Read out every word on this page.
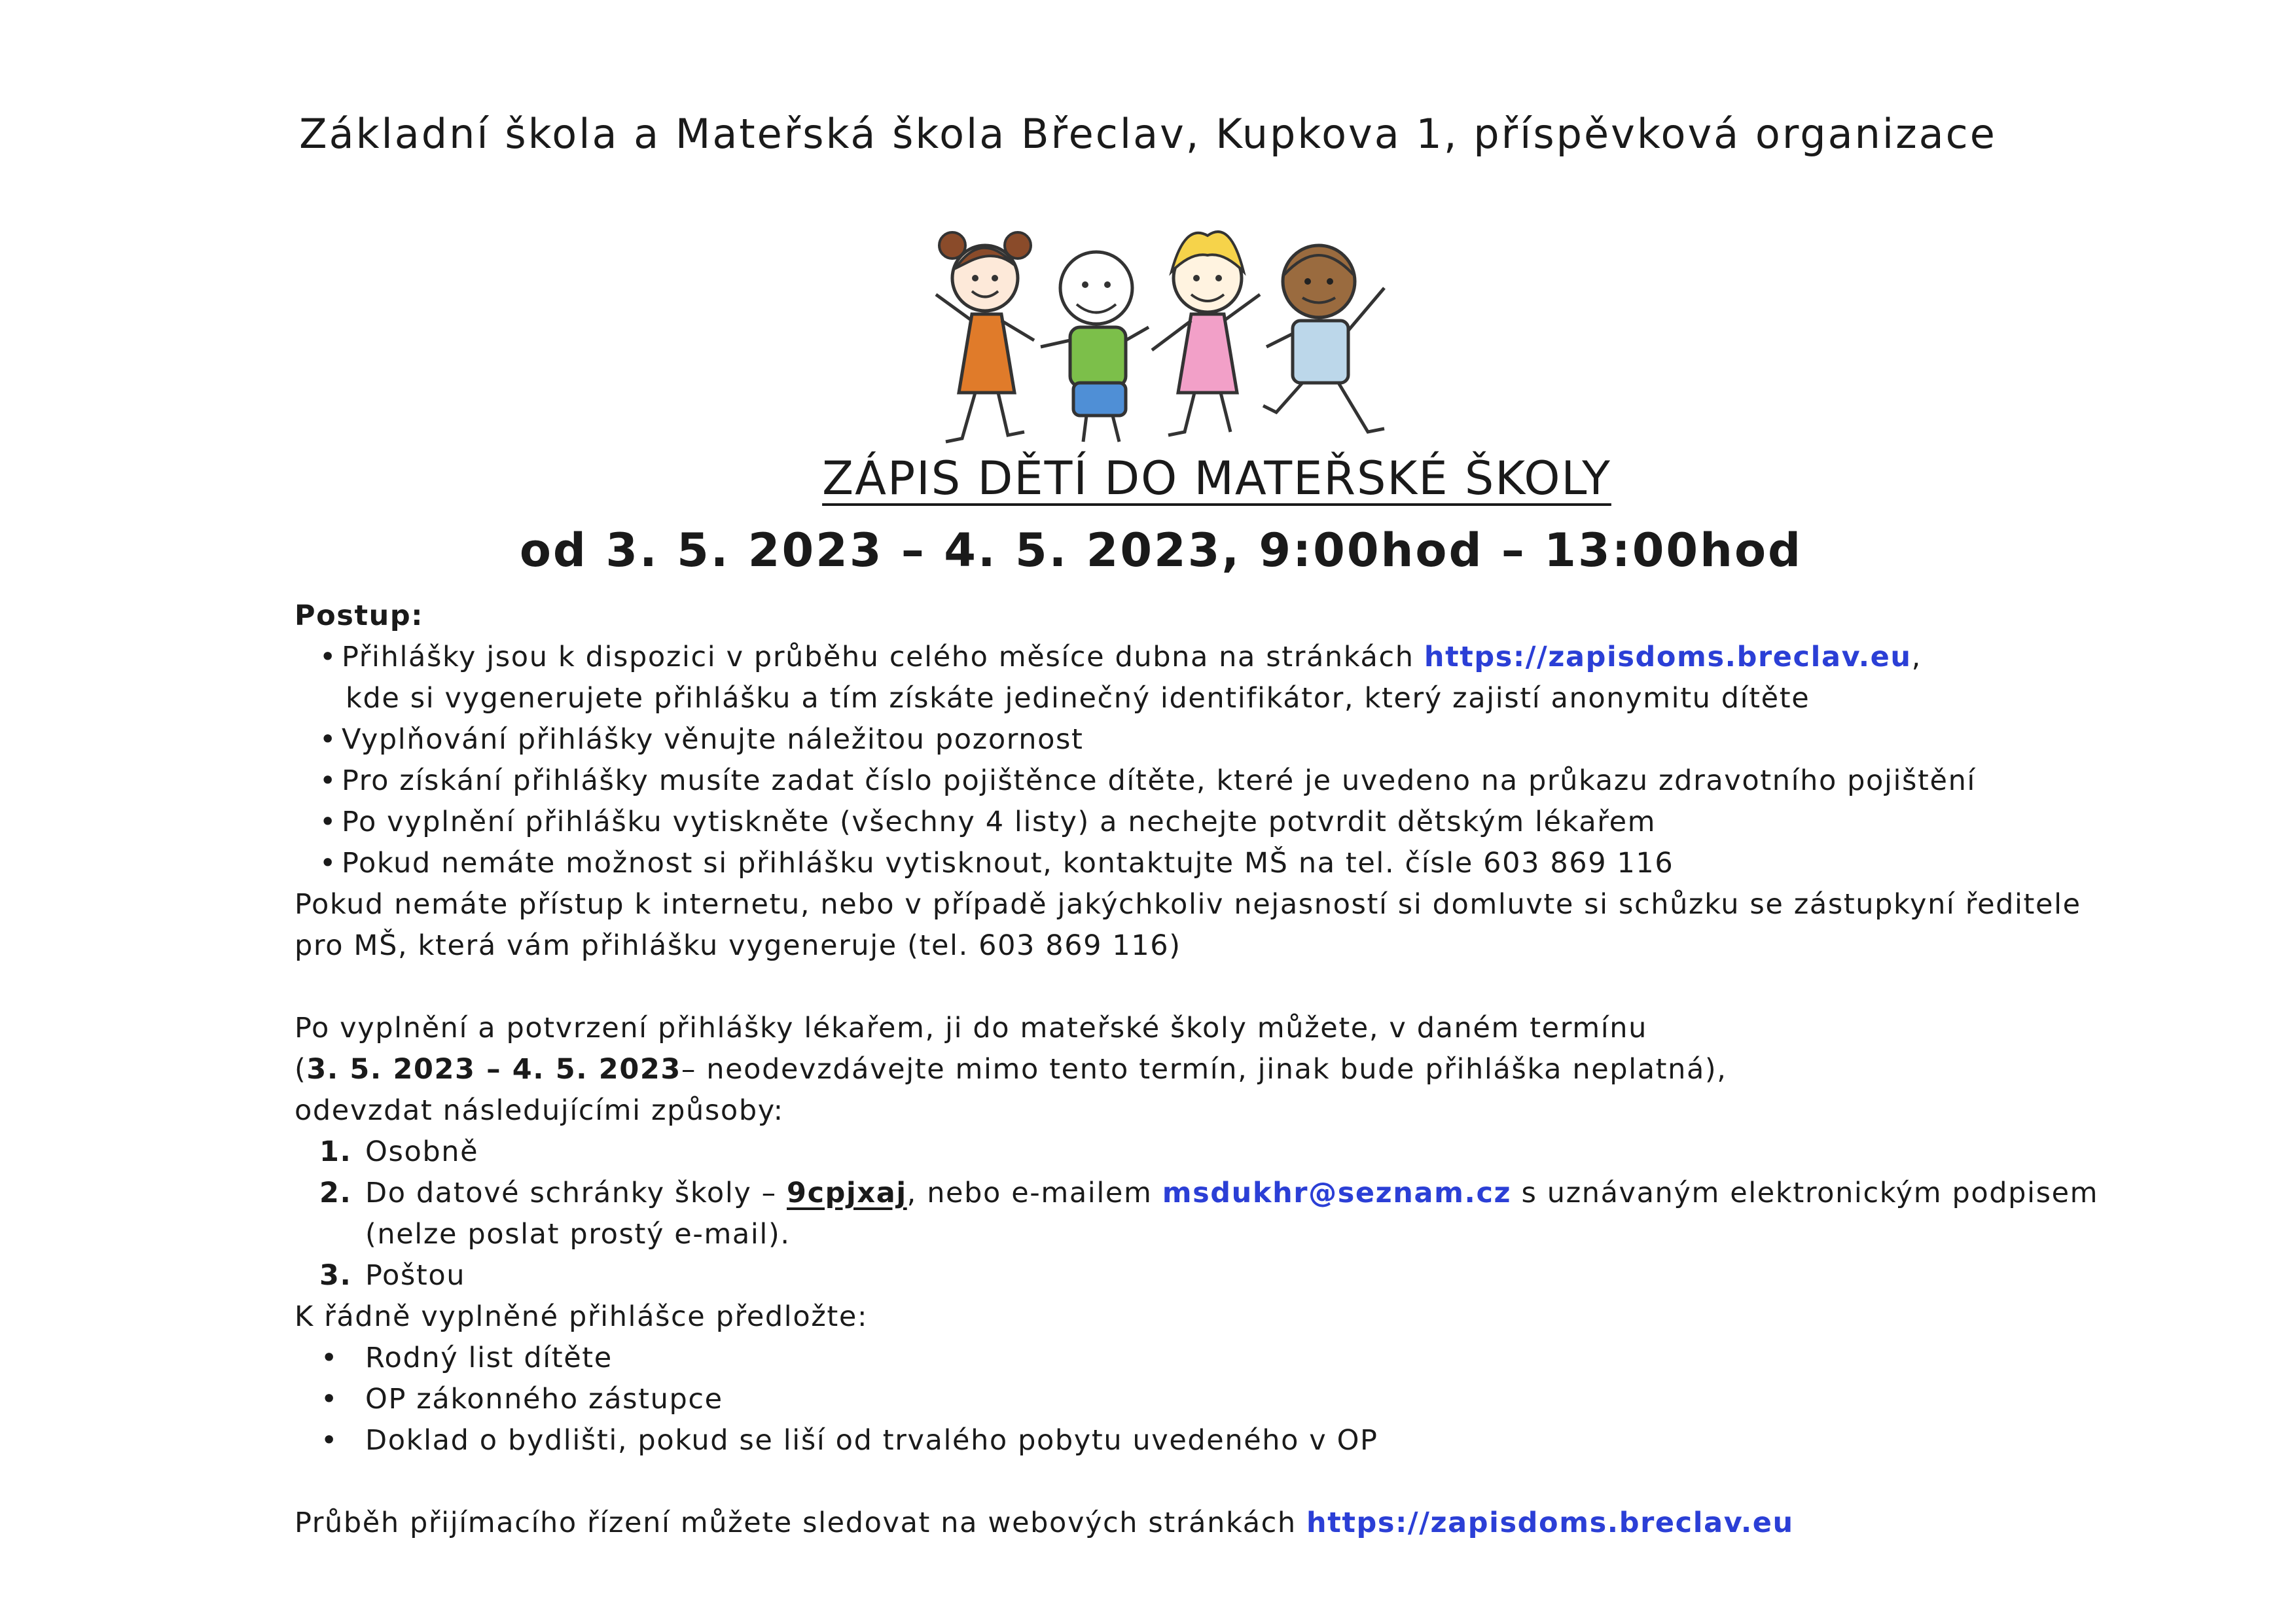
Základní škola a Mateřská škola Břeclav, Kupkova 1, příspěvková organizace
ZÁPIS DĚTÍ DO MATEŘSKÉ ŠKOLY
od 3. 5. 2023 – 4. 5. 2023, 9:00hod – 13:00hod
Postup:
• Přihlášky jsou k dispozici v průběhu celého měsíce dubna na stránkách https://zapisdoms.breclav.eu,
kde si vygenerujete přihlášku a tím získáte jedinečný identifikátor, který zajistí anonymitu dítěte
• Vyplňování přihlášky věnujte náležitou pozornost
• Pro získání přihlášky musíte zadat číslo pojištěnce dítěte, které je uvedeno na průkazu zdravotního pojištění
• Po vyplnění přihlášku vytiskněte (všechny 4 listy) a nechejte potvrdit dětským lékařem
• Pokud nemáte možnost si přihlášku vytisknout, kontaktujte MŠ na tel. čísle 603 869 116
Pokud nemáte přístup k internetu, nebo v případě jakýchkoliv nejasností si domluvte si schůzku se zástupkyní ředitele
pro MŠ, která vám přihlášku vygeneruje (tel. 603 869 116)
Po vyplnění a potvrzení přihlášky lékařem, ji do mateřské školy můžete, v daném termínu
(3. 5. 2023 – 4. 5. 2023– neodevzdávejte mimo tento termín, jinak bude přihláška neplatná),
odevzdat následujícími způsoby:
1. Osobně
2. Do datové schránky školy – 9cpjxaj, nebo e-mailem msdukhr@seznam.cz s uznávaným elektronickým podpisem
(nelze poslat prostý e-mail).
3. Poštou
K řádně vyplněné přihlášce předložte:
• Rodný list dítěte
• OP zákonného zástupce
• Doklad o bydlišti, pokud se liší od trvalého pobytu uvedeného v OP
Průběh přijímacího řízení můžete sledovat na webových stránkách https://zapisdoms.breclav.eu
